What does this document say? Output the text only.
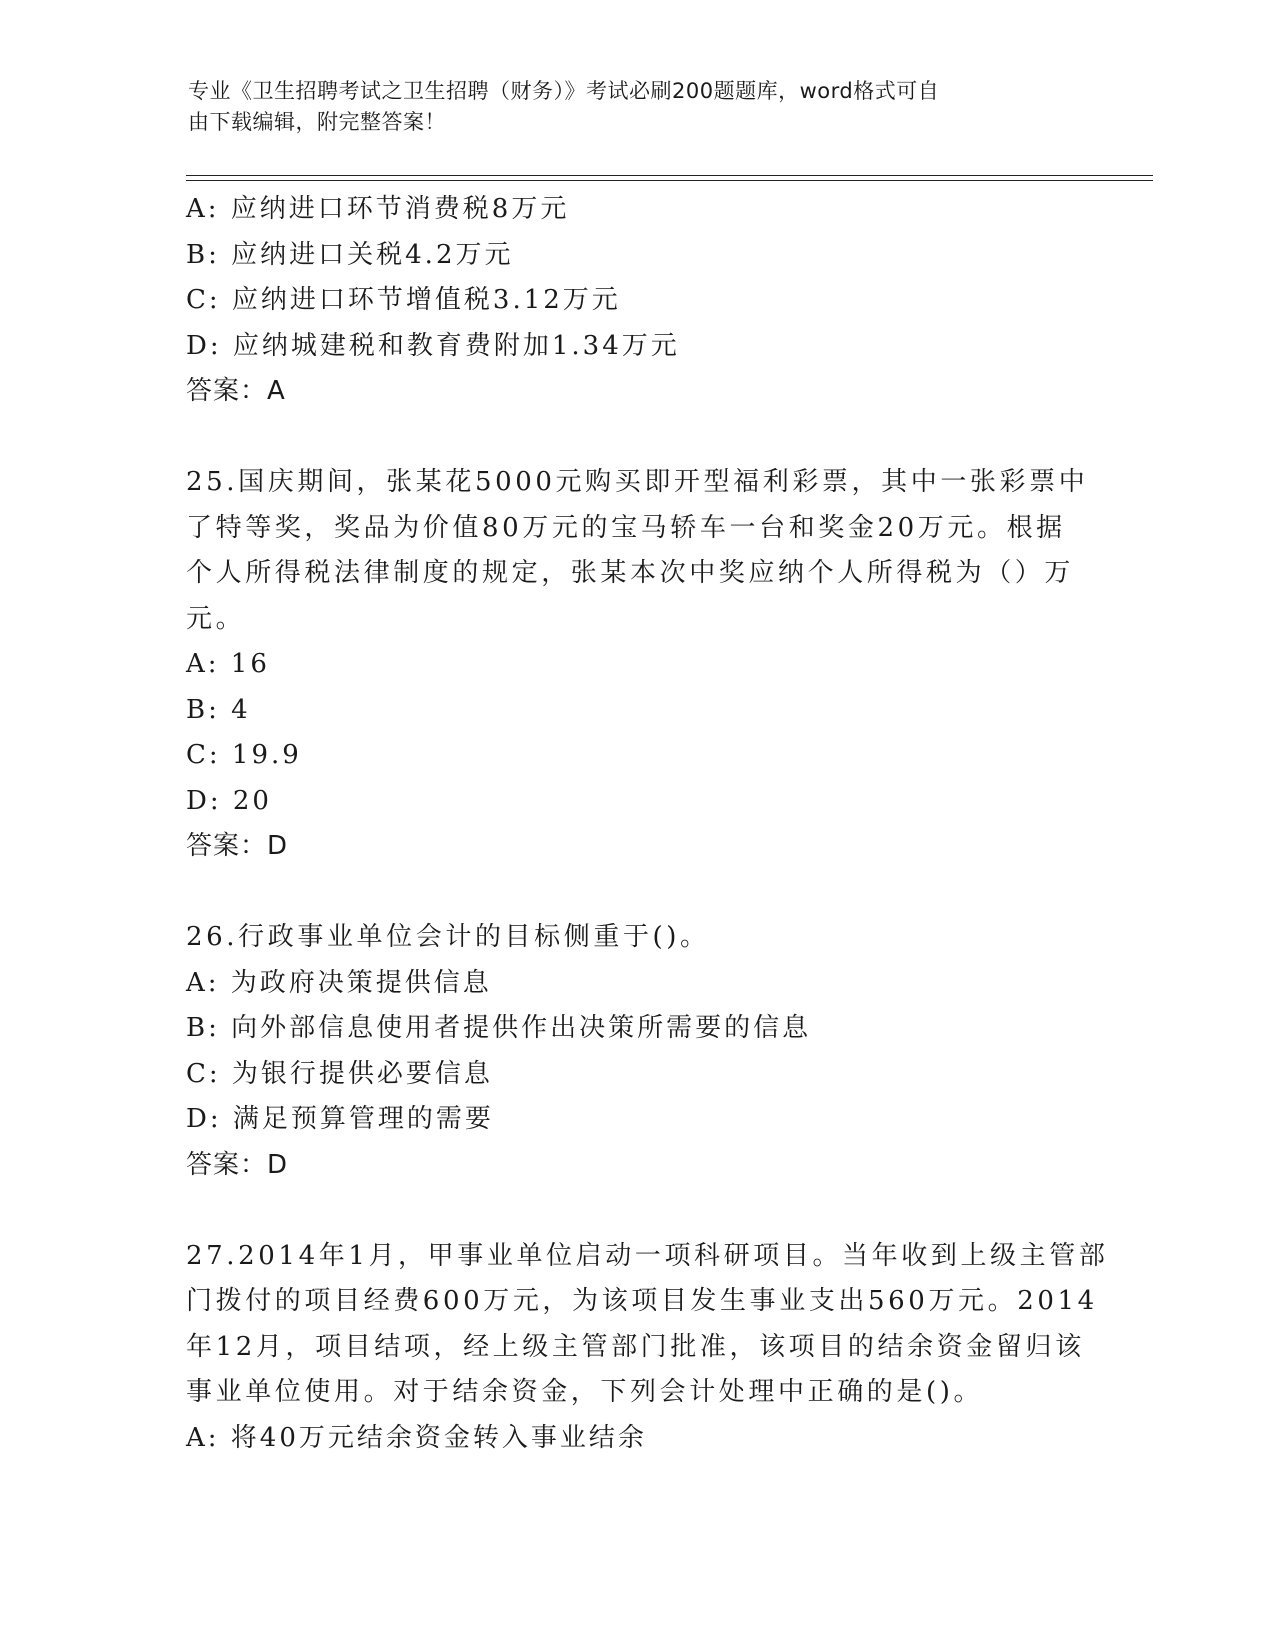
专业《卫生招聘考试之卫生招聘（财务）》考试必刷200题题库，word格式可自
由下载编辑，附完整答案！
A: 应纳进口环节消费税8万元
B: 应纳进口关税4.2万元
C: 应纳进口环节增值税3.12万元
D: 应纳城建税和教育费附加1.34万元
答案：A
25.国庆期间，张某花5000元购买即开型福利彩票，其中一张彩票中
了特等奖，奖品为价值80万元的宝马轿车一台和奖金20万元。根据
个人所得税法律制度的规定，张某本次中奖应纳个人所得税为（）万
元。
A: 16
B: 4
C: 19.9
D: 20
答案：D
26.行政事业单位会计的目标侧重于()。
A: 为政府决策提供信息
B: 向外部信息使用者提供作出决策所需要的信息
C: 为银行提供必要信息
D: 满足预算管理的需要
答案：D
27.2014年1月，甲事业单位启动一项科研项目。当年收到上级主管部
门拨付的项目经费600万元，为该项目发生事业支出560万元。2014
年12月，项目结项，经上级主管部门批准，该项目的结余资金留归该
事业单位使用。对于结余资金，下列会计处理中正确的是()。
A: 将40万元结余资金转入事业结余
